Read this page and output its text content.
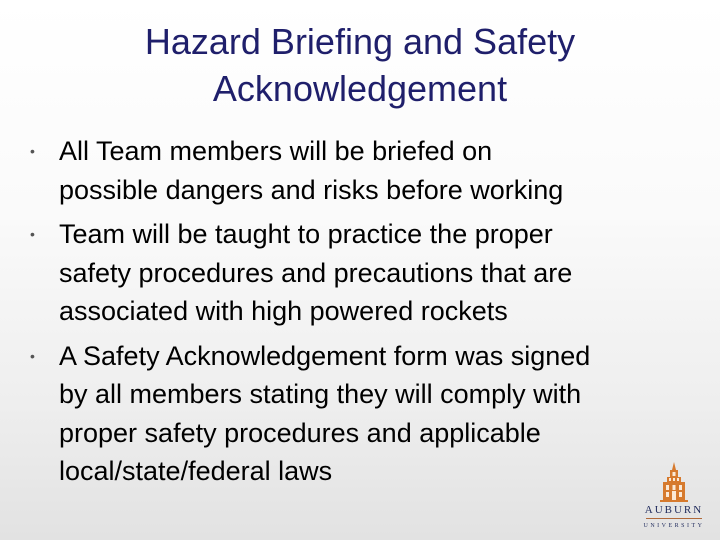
Hazard Briefing and Safety
Acknowledgement
• All Team members will be briefed on
possible dangers and risks before working
• Team will be taught to practice the proper
safety procedures and precautions that are
associated with high powered rockets
• A Safety Acknowledgement form was signed
by all members stating they will comply with
proper safety procedures and applicable
local/state/federal laws
AUBURN
UNIVERSITY
